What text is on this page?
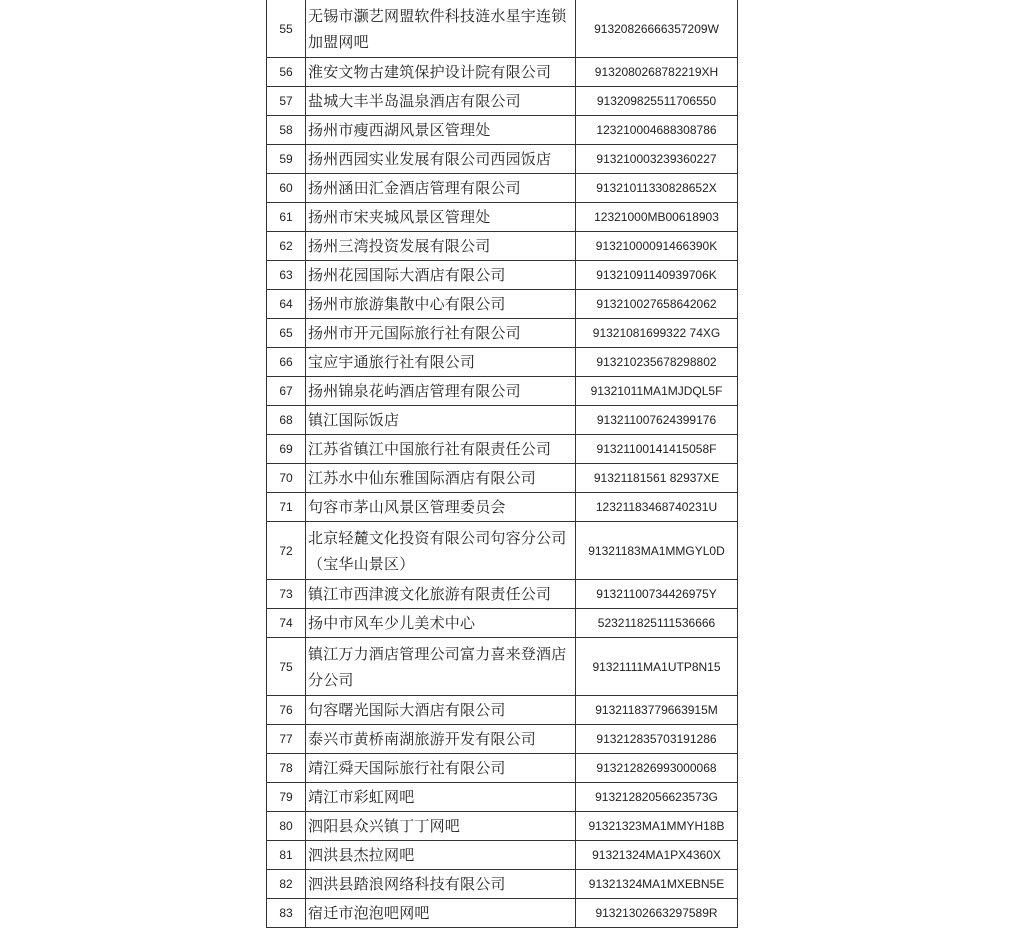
55	无锡市灏艺网盟软件科技涟水星宇连锁加盟网吧	91320826666357209W
56	淮安文物古建筑保护设计院有限公司	9132080268782219XH
57	盐城大丰半岛温泉酒店有限公司	913209825511706550
58	扬州市瘦西湖风景区管理处	123210004688308786
59	扬州西园实业发展有限公司西园饭店	913210003239360227
60	扬州涵田汇金酒店管理有限公司	91321011330828652X
61	扬州市宋夹城风景区管理处	12321000MB00618903
62	扬州三湾投资发展有限公司	91321000091466390K
63	扬州花园国际大酒店有限公司	91321091140939706K
64	扬州市旅游集散中心有限公司	913210027658642062
65	扬州市开元国际旅行社有限公司	91321081699322 74XG
66	宝应宇通旅行社有限公司	913210235678298802
67	扬州锦泉花屿酒店管理有限公司	91321011MA1MJDQL5F
68	镇江国际饭店	913211007624399176
69	江苏省镇江中国旅行社有限责任公司	91321100141415058F
70	江苏水中仙东雅国际酒店有限公司	91321181561 82937XE
71	句容市茅山风景区管理委员会	12321183468740231U
72	北京轻麓文化投资有限公司句容分公司（宝华山景区）	91321183MA1MMGYL0D
73	镇江市西津渡文化旅游有限责任公司	91321100734426975Y
74	扬中市风车少儿美术中心	523211825111536666
75	镇江万力酒店管理公司富力喜来登酒店分公司	91321111MA1UTP8N15
76	句容曙光国际大酒店有限公司	91321183779663915M
77	泰兴市黄桥南湖旅游开发有限公司	913212835703191286
78	靖江舜天国际旅行社有限公司	913212826993000068
79	靖江市彩虹网吧	91321282056623573G
80	泗阳县众兴镇丁丁网吧	91321323MA1MMYH18B
81	泗洪县杰拉网吧	91321324MA1PX4360X
82	泗洪县踏浪网络科技有限公司	91321324MA1MXEBN5E
83	宿迁市泡泡吧网吧	91321302663297589R
